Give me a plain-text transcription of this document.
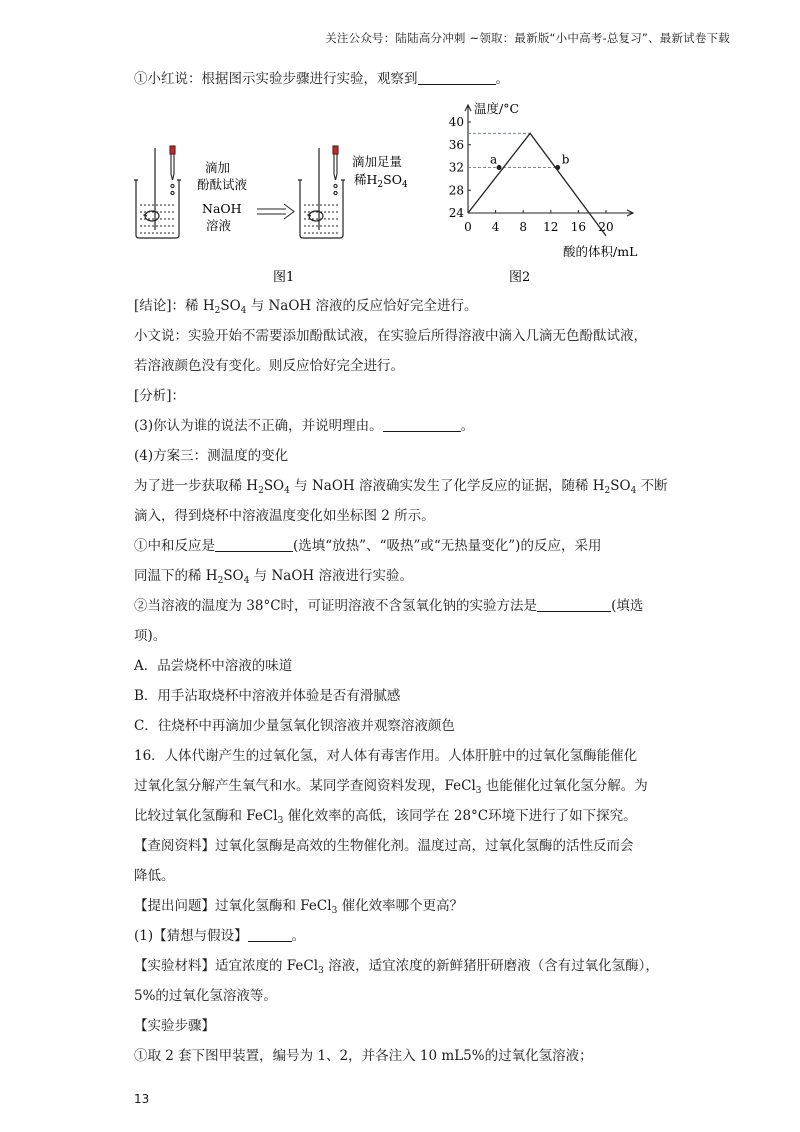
关注公众号：陆陆高分冲刺 ~领取：最新版“小中高考-总复习”、最新试卷下载
①小红说：根据图示实验步骤进行实验，观察到	。
滴加
酚酞试液
NaOH
溶液
滴加足量
稀$H_2SO_4$
图1
温度/°C
酸的体积/mL
24
28
32
36
40
0 4 8 12 16 20
a	b
图2
[结论]：稀 $H_2SO_4$ 与 NaOH 溶液的反应恰好完全进行。
小文说：实验开始不需要添加酚酞试液，在实验后所得溶液中滴入几滴无色酚酞试液，
若溶液颜色没有变化。则反应恰好完全进行。
[分析]：
(3)你认为谁的说法不正确，并说明理由。	。
(4)方案三：测温度的变化
为了进一步获取稀 $H_2SO_4$ 与 NaOH 溶液确实发生了化学反应的证据，随稀 $H_2SO_4$ 不断
滴入，得到烧杯中溶液温度变化如坐标图 2 所示。
①中和反应是	(选填“放热”、“吸热”或“无热量变化”)的反应，采用
同温下的稀 $H_2SO_4$ 与 NaOH 溶液进行实验。
②当溶液的温度为 38°C时，可证明溶液不含氢氧化钠的实验方法是	(填选
项)。
A．品尝烧杯中溶液的味道
B．用手沾取烧杯中溶液并体验是否有滑腻感
C．往烧杯中再滴加少量氢氧化钡溶液并观察溶液颜色
16．人体代谢产生的过氧化氢，对人体有毒害作用。人体肝脏中的过氧化氢酶能催化
过氧化氢分解产生氧气和水。某同学查阅资料发现，FeCl$_3$ 也能催化过氧化氢分解。为
比较过氧化氢酶和 FeCl$_3$ 催化效率的高低，该同学在 28°C环境下进行了如下探究。
【查阅资料】过氧化氢酶是高效的生物催化剂。温度过高，过氧化氢酶的活性反而会
降低。
【提出问题】过氧化氢酶和 FeCl$_3$ 催化效率哪个更高？
(1)【猜想与假设】	。
【实验材料】适宜浓度的 FeCl$_3$ 溶液，适宜浓度的新鲜猪肝研磨液（含有过氧化氢酶），
5%的过氧化氢溶液等。
【实验步骤】
①取 2 套下图甲装置，编号为 1、2，并各注入 10 mL5%的过氧化氢溶液；
13
